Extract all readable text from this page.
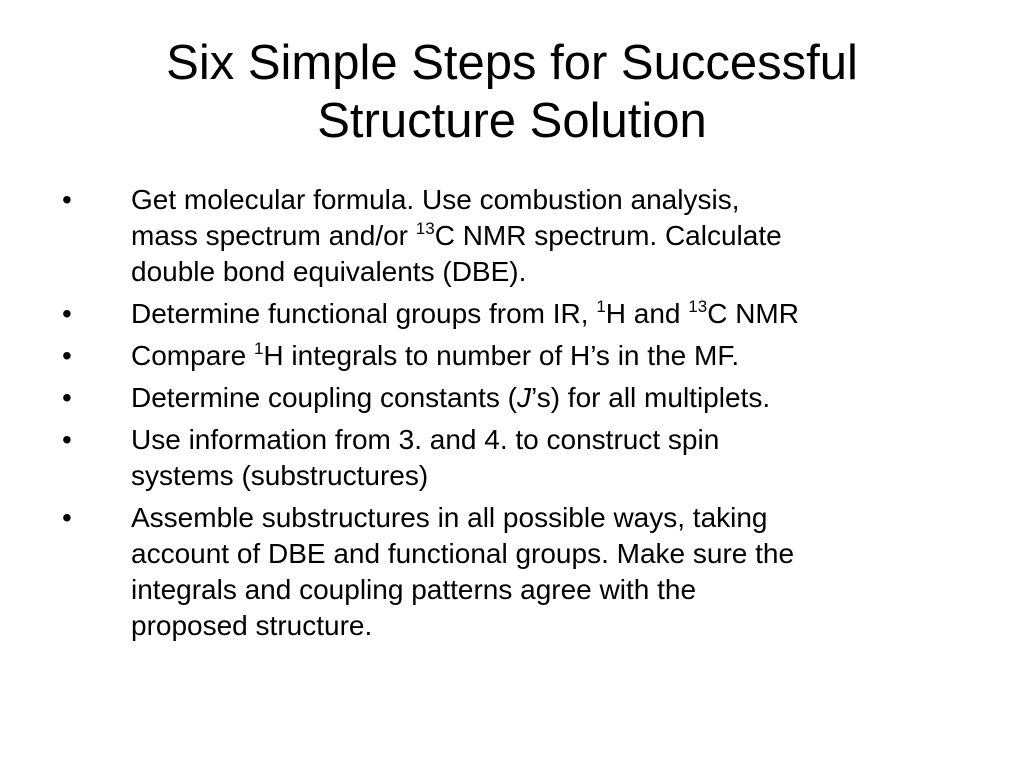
Six Simple Steps for Successful
Structure Solution
•	Get molecular formula. Use combustion analysis,
mass spectrum and/or $^{13}$C NMR spectrum. Calculate
double bond equivalents (DBE).
•	Determine functional groups from IR, $^1$H and $^{13}$C NMR
•	Compare $^1$H integrals to number of H’s in the MF.
•	Determine coupling constants (J’s) for all multiplets.
•	Use information from 3. and 4. to construct spin
systems (substructures)
•	Assemble substructures in all possible ways, taking
account of DBE and functional groups. Make sure the
integrals and coupling patterns agree with the
proposed structure.
